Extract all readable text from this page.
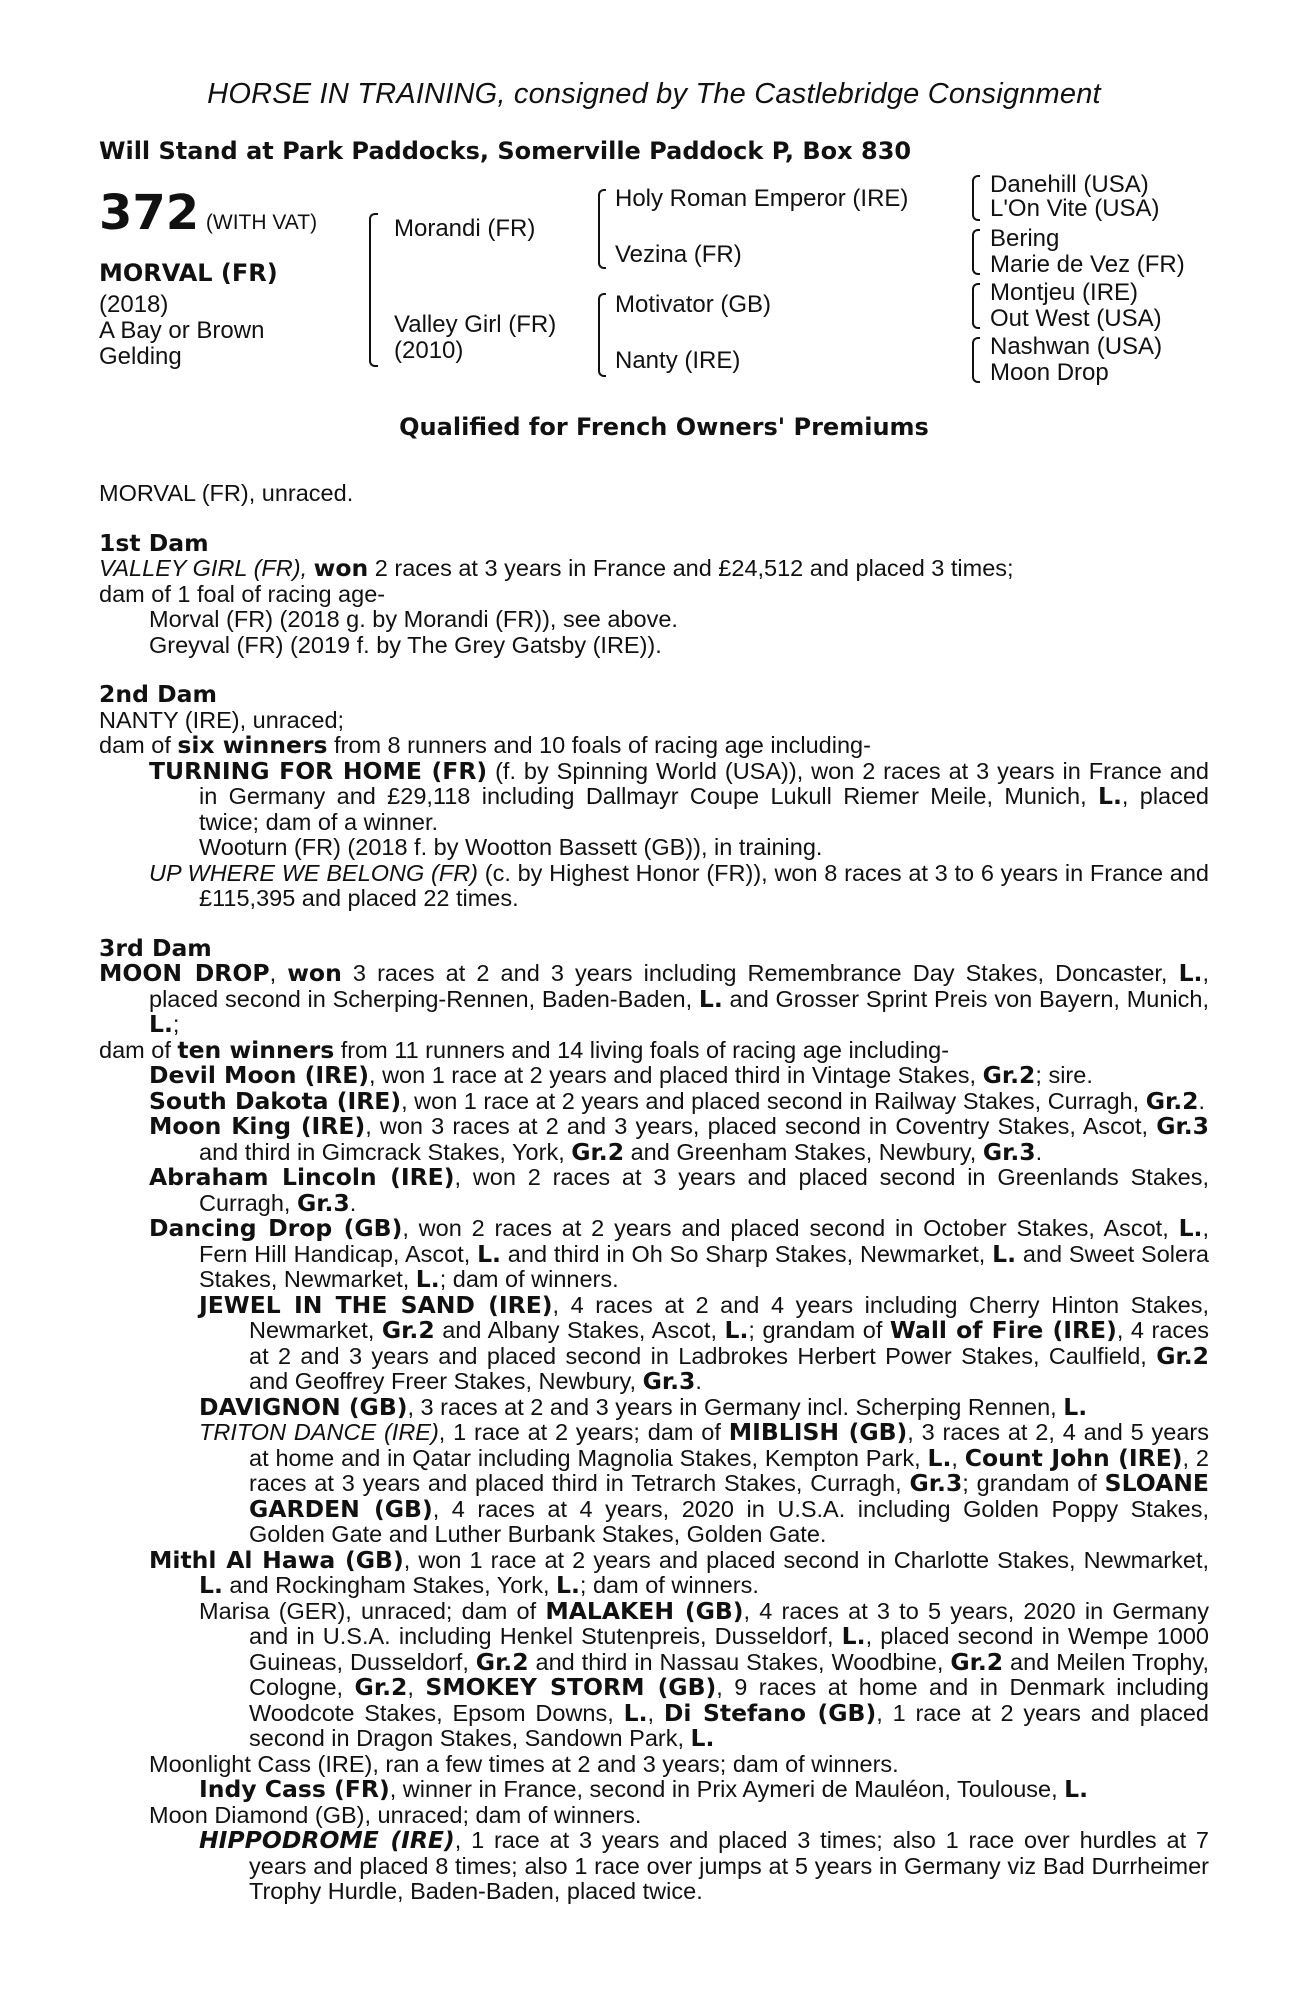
HORSE IN TRAINING, consigned by The Castlebridge Consignment
Will Stand at Park Paddocks, Somerville Paddock P, Box 830
372 (WITH VAT)
MORVAL (FR)
(2018)
A Bay or Brown
Gelding
Morandi (FR)
Valley Girl (FR)
(2010)
Holy Roman Emperor (IRE)
Vezina (FR)
Motivator (GB)
Nanty (IRE)
Danehill (USA)
L'On Vite (USA)
Bering
Marie de Vez (FR)
Montjeu (IRE)
Out West (USA)
Nashwan (USA)
Moon Drop
Qualified for French Owners' Premiums

MORVAL (FR), unraced.

1st Dam

VALLEY GIRL (FR), won 2 races at 3 years in France and £24,512 and placed 3 times;

dam of 1 foal of racing age-

Morval (FR) (2018 g. by Morandi (FR)), see above.

Greyval (FR) (2019 f. by The Grey Gatsby (IRE)).

2nd Dam

NANTY (IRE), unraced;

dam of six winners from 8 runners and 10 foals of racing age including-

TURNING FOR HOME (FR) (f. by Spinning World (USA)), won 2 races at 3 years in France and in Germany and £29,118 including Dallmayr Coupe Lukull Riemer Meile, Munich, L., placed twice; dam of a winner.

Wooturn (FR) (2018 f. by Wootton Bassett (GB)), in training.

UP WHERE WE BELONG (FR) (c. by Highest Honor (FR)), won 8 races at 3 to 6 years in France and £115,395 and placed 22 times.

3rd Dam

MOON DROP, won 3 races at 2 and 3 years including Remembrance Day Stakes, Doncaster, L., placed second in Scherping-Rennen, Baden-Baden, L. and Grosser Sprint Preis von Bayern, Munich, L.;

dam of ten winners from 11 runners and 14 living foals of racing age including-

Devil Moon (IRE), won 1 race at 2 years and placed third in Vintage Stakes, Gr.2; sire.

South Dakota (IRE), won 1 race at 2 years and placed second in Railway Stakes, Curragh, Gr.2.

Moon King (IRE), won 3 races at 2 and 3 years, placed second in Coventry Stakes, Ascot, Gr.3 and third in Gimcrack Stakes, York, Gr.2 and Greenham Stakes, Newbury, Gr.3.

Abraham Lincoln (IRE), won 2 races at 3 years and placed second in Greenlands Stakes, Curragh, Gr.3.

Dancing Drop (GB), won 2 races at 2 years and placed second in October Stakes, Ascot, L., Fern Hill Handicap, Ascot, L. and third in Oh So Sharp Stakes, Newmarket, L. and Sweet Solera Stakes, Newmarket, L.; dam of winners.

JEWEL IN THE SAND (IRE), 4 races at 2 and 4 years including Cherry Hinton Stakes, Newmarket, Gr.2 and Albany Stakes, Ascot, L.; grandam of Wall of Fire (IRE), 4 races at 2 and 3 years and placed second in Ladbrokes Herbert Power Stakes, Caulfield, Gr.2 and Geoffrey Freer Stakes, Newbury, Gr.3.

DAVIGNON (GB), 3 races at 2 and 3 years in Germany incl. Scherping Rennen, L.

TRITON DANCE (IRE), 1 race at 2 years; dam of MIBLISH (GB), 3 races at 2, 4 and 5 years at home and in Qatar including Magnolia Stakes, Kempton Park, L., Count John (IRE), 2 races at 3 years and placed third in Tetrarch Stakes, Curragh, Gr.3; grandam of SLOANE GARDEN (GB), 4 races at 4 years, 2020 in U.S.A. including Golden Poppy Stakes, Golden Gate and Luther Burbank Stakes, Golden Gate.

Mithl Al Hawa (GB), won 1 race at 2 years and placed second in Charlotte Stakes, Newmarket, L. and Rockingham Stakes, York, L.; dam of winners.

Marisa (GER), unraced; dam of MALAKEH (GB), 4 races at 3 to 5 years, 2020 in Germany and in U.S.A. including Henkel Stutenpreis, Dusseldorf, L., placed second in Wempe 1000 Guineas, Dusseldorf, Gr.2 and third in Nassau Stakes, Woodbine, Gr.2 and Meilen Trophy, Cologne, Gr.2, SMOKEY STORM (GB), 9 races at home and in Denmark including Woodcote Stakes, Epsom Downs, L., Di Stefano (GB), 1 race at 2 years and placed second in Dragon Stakes, Sandown Park, L.

Moonlight Cass (IRE), ran a few times at 2 and 3 years; dam of winners.

Indy Cass (FR), winner in France, second in Prix Aymeri de Mauléon, Toulouse, L.

Moon Diamond (GB), unraced; dam of winners.

HIPPODROME (IRE), 1 race at 3 years and placed 3 times; also 1 race over hurdles at 7 years and placed 8 times; also 1 race over jumps at 5 years in Germany viz Bad Durrheimer Trophy Hurdle, Baden-Baden, placed twice.
